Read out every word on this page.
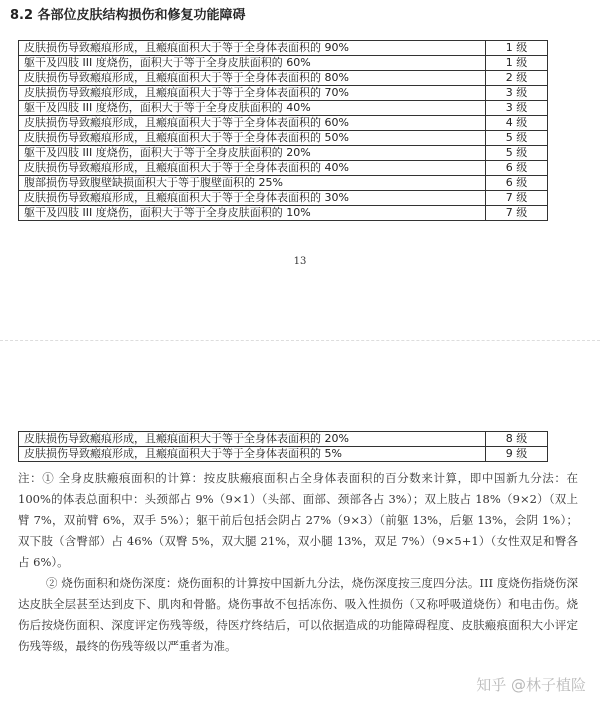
8.2 各部位皮肤结构损伤和修复功能障碍
皮肤损伤导致瘢痕形成，且瘢痕面积大于等于全身体表面积的 90%	1 级
躯干及四肢 III 度烧伤，面积大于等于全身皮肤面积的 60%	1 级
皮肤损伤导致瘢痕形成，且瘢痕面积大于等于全身体表面积的 80%	2 级
皮肤损伤导致瘢痕形成，且瘢痕面积大于等于全身体表面积的 70%	3 级
躯干及四肢 III 度烧伤，面积大于等于全身皮肤面积的 40%	3 级
皮肤损伤导致瘢痕形成，且瘢痕面积大于等于全身体表面积的 60%	4 级
皮肤损伤导致瘢痕形成，且瘢痕面积大于等于全身体表面积的 50%	5 级
躯干及四肢 III 度烧伤，面积大于等于全身皮肤面积的 20%	5 级
皮肤损伤导致瘢痕形成，且瘢痕面积大于等于全身体表面积的 40%	6 级
腹部损伤导致腹壁缺损面积大于等于腹壁面积的 25%	6 级
皮肤损伤导致瘢痕形成，且瘢痕面积大于等于全身体表面积的 30%	7 级
躯干及四肢 III 度烧伤，面积大于等于全身皮肤面积的 10%	7 级
13
皮肤损伤导致瘢痕形成，且瘢痕面积大于等于全身体表面积的 20%	8 级
皮肤损伤导致瘢痕形成，且瘢痕面积大于等于全身体表面积的 5%	9 级

注：① 全身皮肤瘢痕面积的计算：按皮肤瘢痕面积占全身体表面积的百分数来计算，即中国新九分法：在 100%的体表总面积中：头颈部占 9%（9×1）（头部、面部、颈部各占 3%）；双上肢占 18%（9×2）（双上臂 7%，双前臂 6%，双手 5%）；躯干前后包括会阴占 27%（9×3）（前躯 13%，后躯 13%，会阴 1%）；双下肢（含臀部）占 46%（双臀 5%，双大腿 21%，双小腿 13%，双足 7%）（9×5+1）（女性双足和臀各占 6%）。

② 烧伤面积和烧伤深度：烧伤面积的计算按中国新九分法，烧伤深度按三度四分法。III 度烧伤指烧伤深达皮肤全层甚至达到皮下、肌肉和骨骼。烧伤事故不包括冻伤、吸入性损伤（又称呼吸道烧伤）和电击伤。烧伤后按烧伤面积、深度评定伤残等级，待医疗终结后，可以依据造成的功能障碍程度、皮肤瘢痕面积大小评定伤残等级，最终的伤残等级以严重者为准。

知乎 @林子植险
